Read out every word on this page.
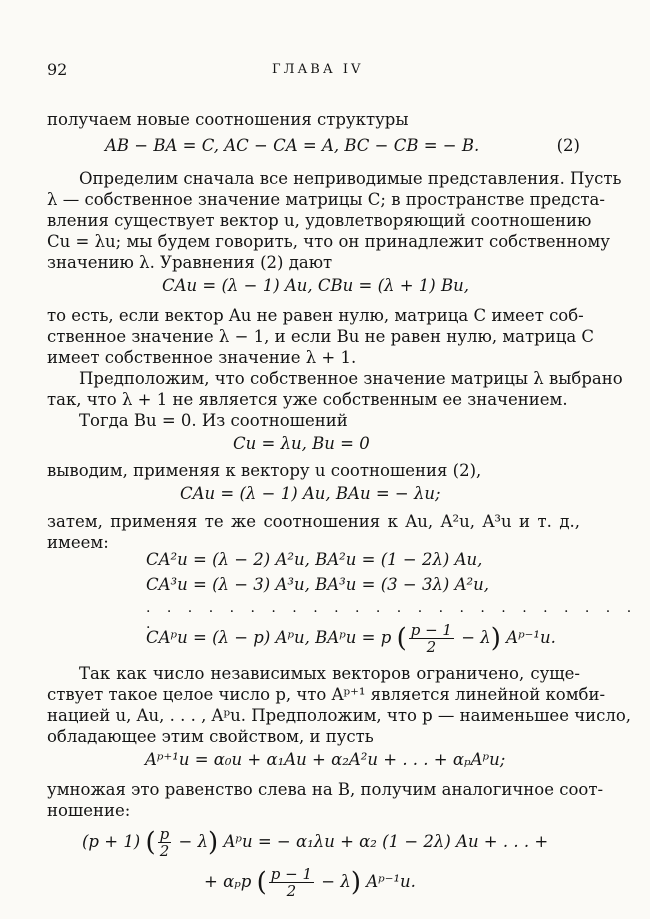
92	ГЛАВА IV
получаем новые соотношения структуры
AB − BA = C, AC − CA = A, BC − CB = − B.	(2)
Определим сначала все неприводимые представления. Пусть
λ — собственное значение матрицы C; в пространстве предста-
вления существует вектор u, удовлетворяющий соотношению
Cu = λu; мы будем говорить, что он принадлежит собственному
значению λ. Уравнения (2) дают
CAu = (λ − 1) Au, CBu = (λ + 1) Bu,
то есть, если вектор Au не равен нулю, матрица C имеет соб-
ственное значение λ − 1, и если Bu не равен нулю, матрица C
имеет собственное значение λ + 1.
Предположим, что собственное значение матрицы λ выбрано
так, что λ + 1 не является уже собственным ее значением.
Тогда Bu = 0. Из соотношений
Cu = λu, Bu = 0
выводим, применяя к вектору u соотношения (2),
CAu = (λ − 1) Au, BAu = − λu;
затем, применяя те же соотношения к Au, A²u, A³u и т. д.,
имеем:
CA²u = (λ − 2) A²u, BA²u = (1 − 2λ) Au,
CA³u = (λ − 3) A³u, BA³u = (3 − 3λ) A²u,
. . . . . . . . . . . . . . . . . . . . . . . . .
CAᵖu = (λ − p) Aᵖu, BAᵖu = p ( $\frac{p - 1}{2} - \lambda$) Aᵖ⁻¹u.
Так как число независимых векторов ограничено, суще-
ствует такое целое число p, что Aᵖ⁺¹ является линейной комби-
нацией u, Au, . . . , Aᵖu. Предположим, что p — наименьшее число,
обладающее этим свойством, и пусть
Aᵖ⁺¹u = α₀u + α₁Au + α₂A²u + . . . + αₚAᵖu;
умножая это равенство слева на B, получим аналогичное соот-
ношение:
(p + 1) ( $\frac{p}{2} - \lambda$) Aᵖu = − α₁λu + α₂ (1 − 2λ) Au + . . . +
+ αₚp ( $\frac{p - 1}{2} - \lambda$) Aᵖ⁻¹u.
